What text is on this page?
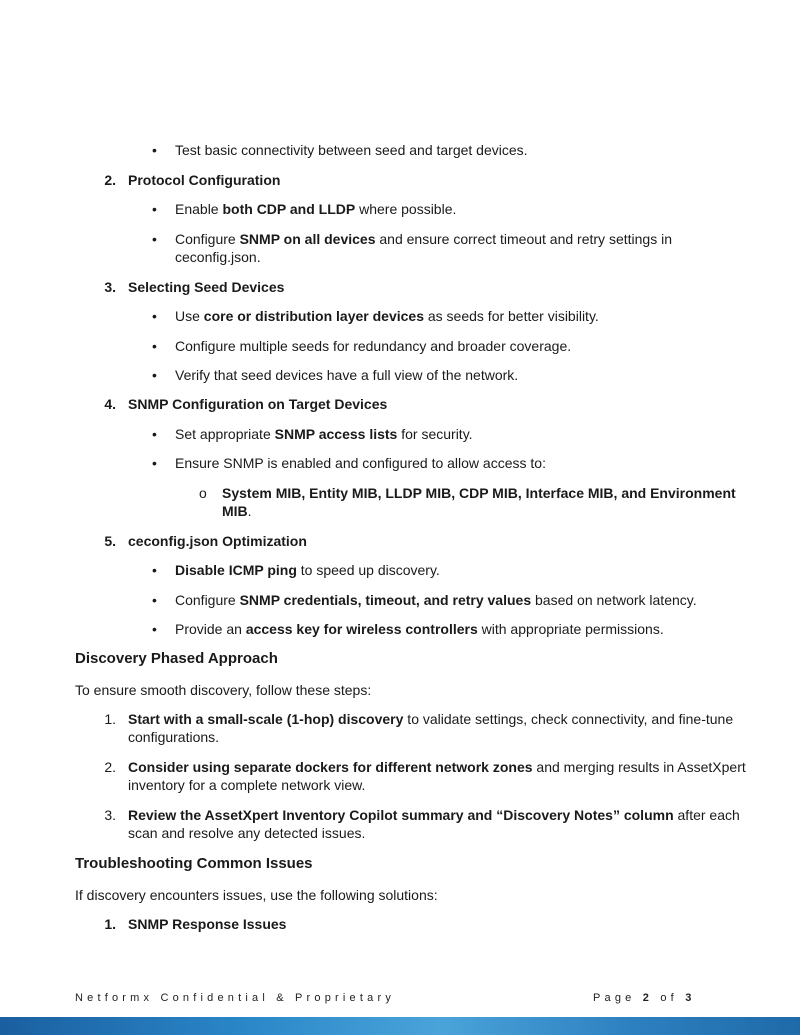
• Test basic connectivity between seed and target devices.
2. Protocol Configuration
• Enable both CDP and LLDP where possible.
• Configure SNMP on all devices and ensure correct timeout and retry settings in
ceconfig.json.
3. Selecting Seed Devices
• Use core or distribution layer devices as seeds for better visibility.
• Configure multiple seeds for redundancy and broader coverage.
• Verify that seed devices have a full view of the network.
4. SNMP Configuration on Target Devices
• Set appropriate SNMP access lists for security.
• Ensure SNMP is enabled and configured to allow access to:
o System MIB, Entity MIB, LLDP MIB, CDP MIB, Interface MIB, and Environment
MIB.
5. ceconfig.json Optimization
• Disable ICMP ping to speed up discovery.
• Configure SNMP credentials, timeout, and retry values based on network latency.
• Provide an access key for wireless controllers with appropriate permissions.
Discovery Phased Approach
To ensure smooth discovery, follow these steps:
1. Start with a small-scale (1-hop) discovery to validate settings, check connectivity, and fine-tune
configurations.
2. Consider using separate dockers for different network zones and merging results in AssetXpert
inventory for a complete network view.
3. Review the AssetXpert Inventory Copilot summary and “Discovery Notes” column after each
scan and resolve any detected issues.
Troubleshooting Common Issues
If discovery encounters issues, use the following solutions:
1. SNMP Response Issues
Netformx Confidential & Proprietary	Page 2 of 3
